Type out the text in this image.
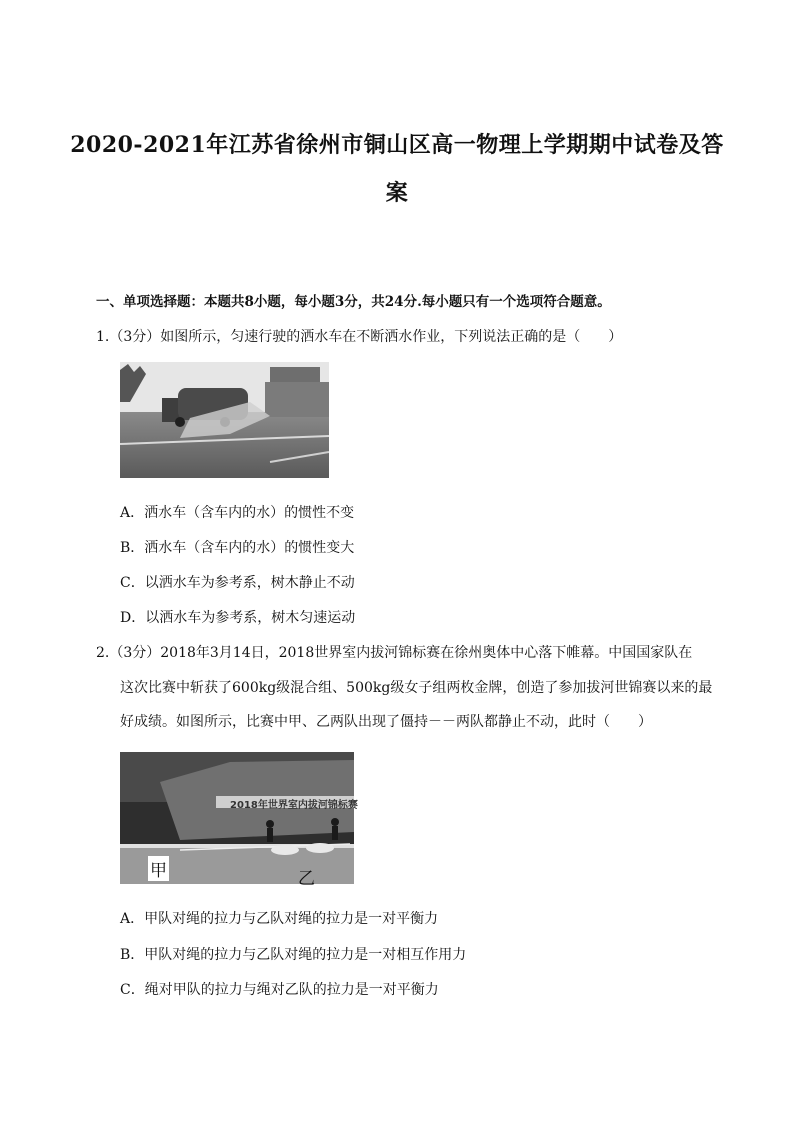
2020-2021年江苏省徐州市铜山区高一物理上学期期中试卷及答
案
一、单项选择题：本题共8小题，每小题3分，共24分.每小题只有一个选项符合题意。
1.（3分）如图所示，匀速行驶的洒水车在不断洒水作业，下列说法正确的是（　　）
A．洒水车（含车内的水）的惯性不变
B．洒水车（含车内的水）的惯性变大
C．以洒水车为参考系，树木静止不动
D．以洒水车为参考系，树木匀速运动
2.（3分）2018年3月14日，2018世界室内拔河锦标赛在徐州奥体中心落下帷幕。中国国家队在
这次比赛中斩获了600kg级混合组、500kg级女子组两枚金牌，创造了参加拔河世锦赛以来的最
好成绩。如图所示，比赛中甲、乙两队出现了僵持－－两队都静止不动，此时（　　）
2018年世界室内拔河锦标赛
甲	乙
A．甲队对绳的拉力与乙队对绳的拉力是一对平衡力
B．甲队对绳的拉力与乙队对绳的拉力是一对相互作用力
C．绳对甲队的拉力与绳对乙队的拉力是一对平衡力
